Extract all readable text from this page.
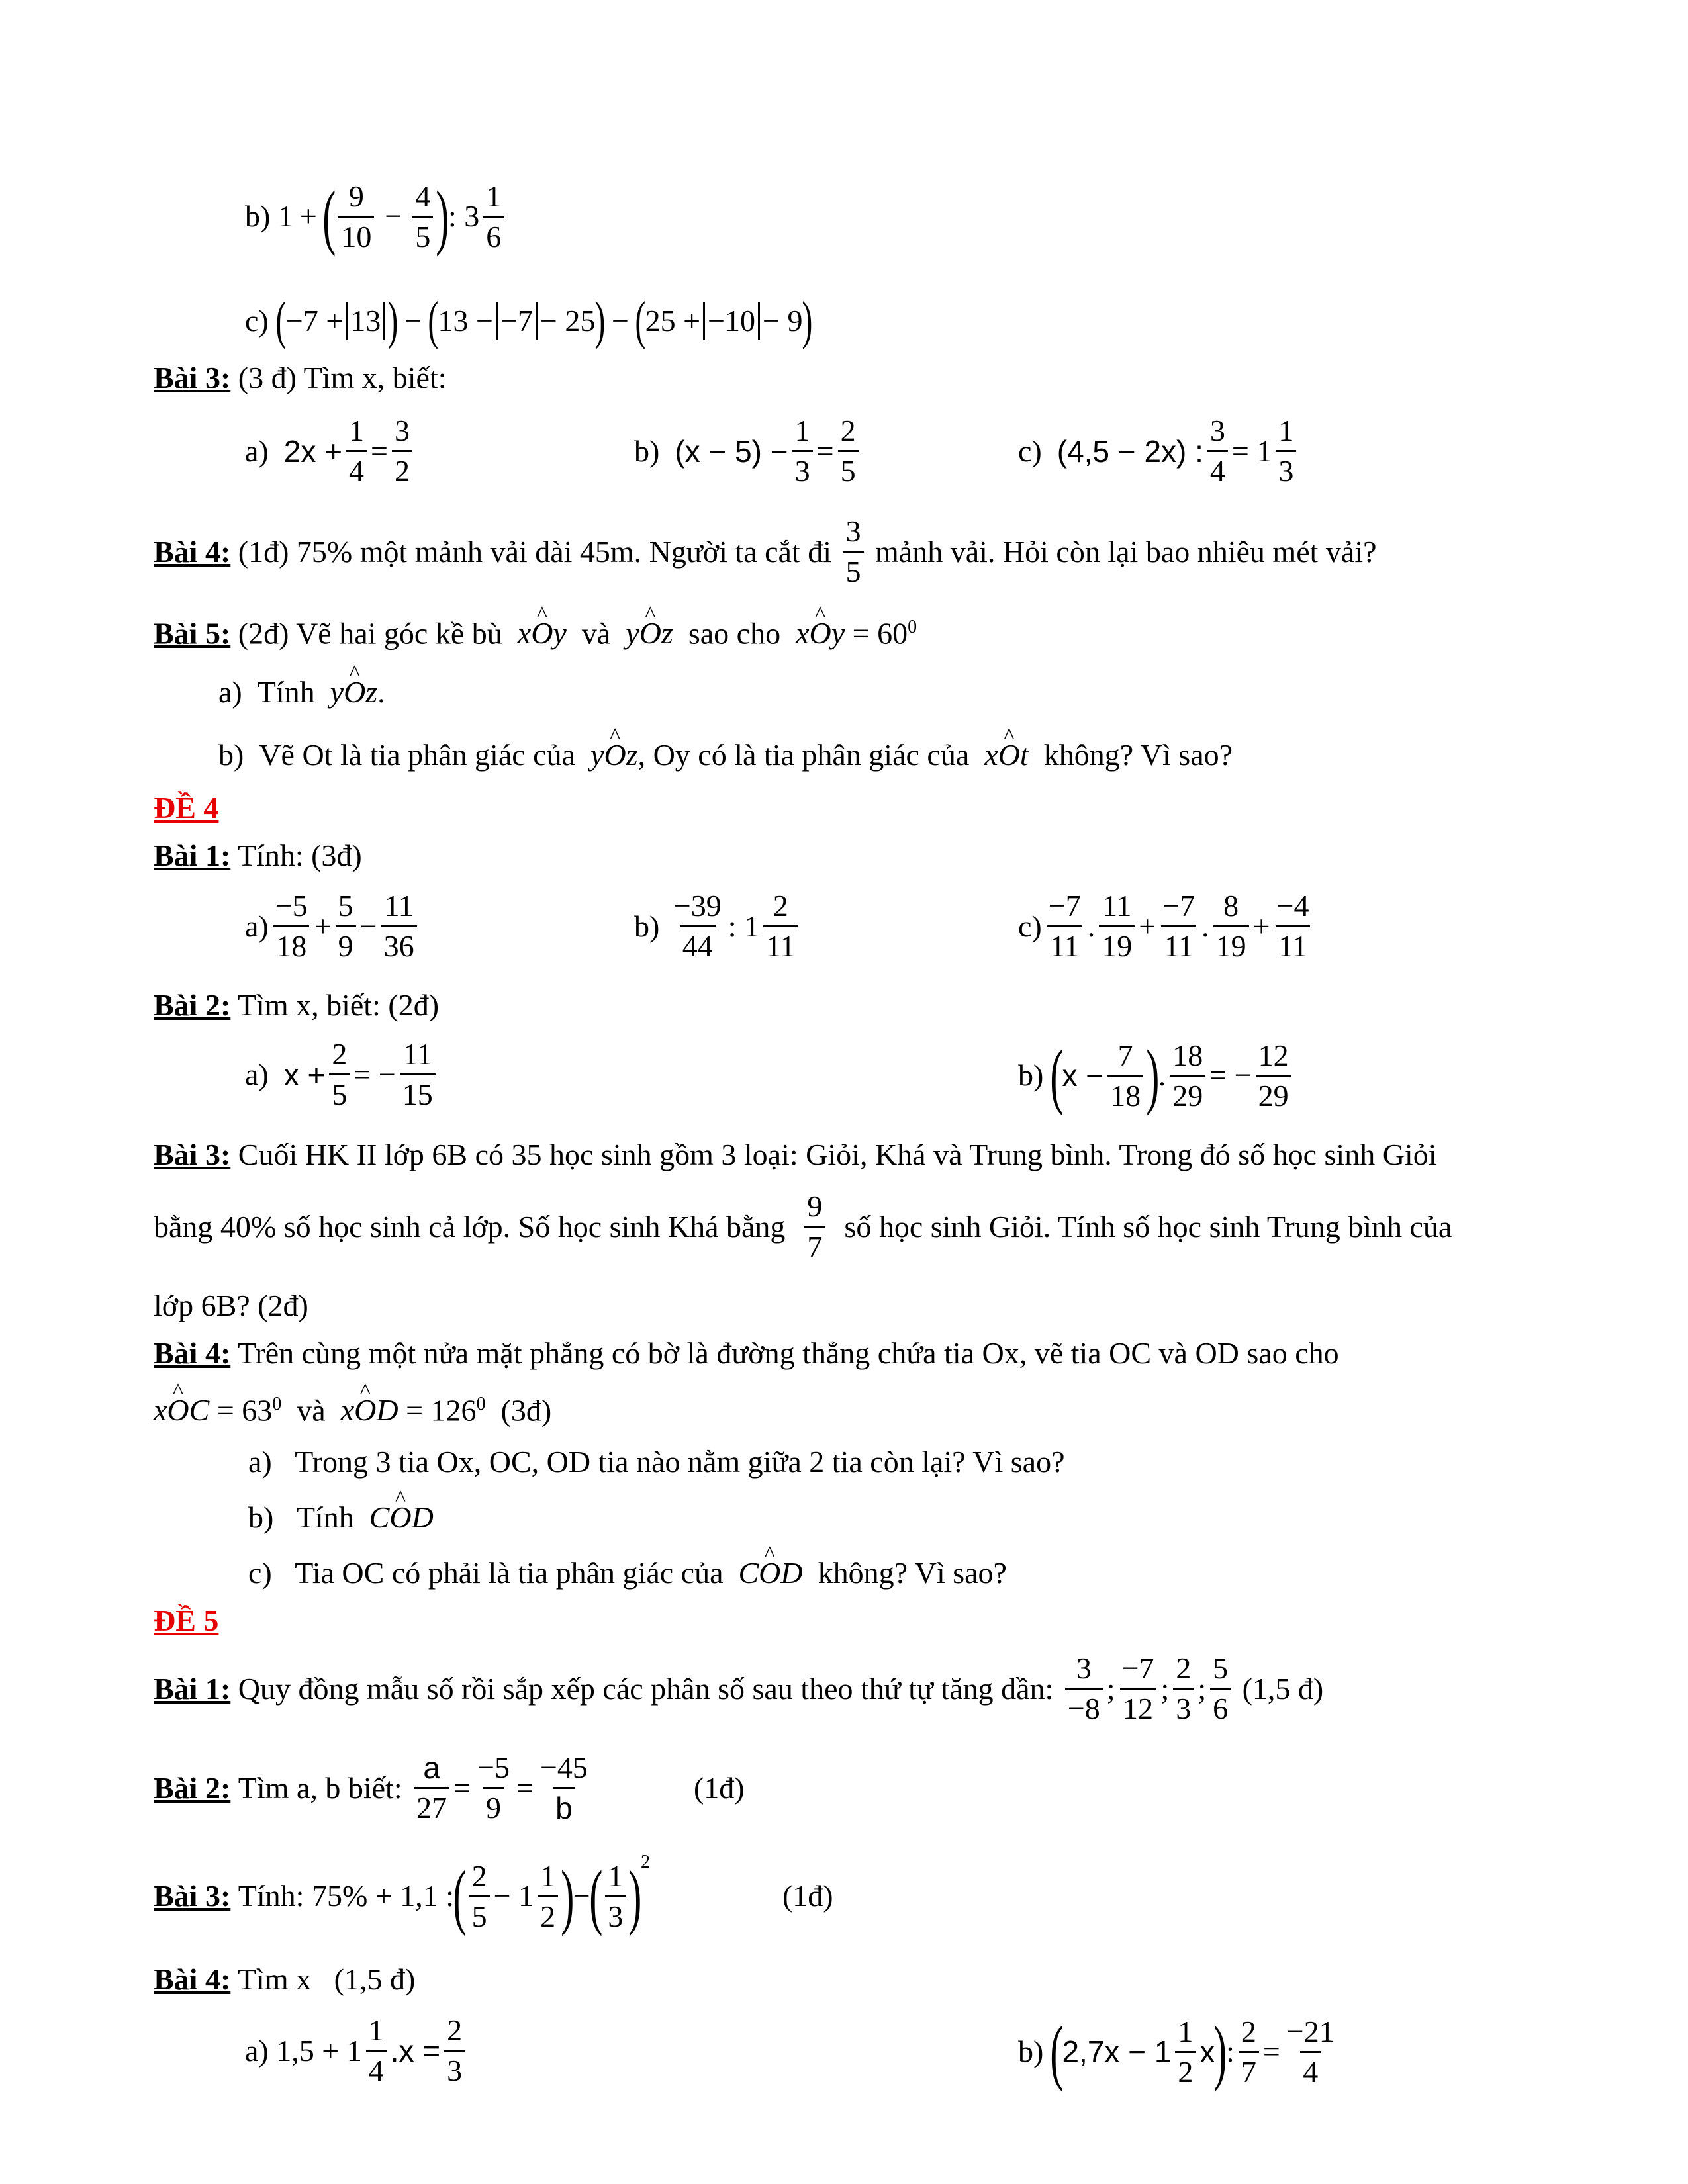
b)
1 + ( $\frac{9}{10} - \frac{4}{5}$ )
:
$3 \frac{1}{6}$
c)
( −7 + 13 ) − ( 13 − −7 − 25 ) − ( 25 + −10 − 9 )
Bài 3: (3 đ) Tìm x, biết:
a)
$2x + \frac{1}{4} = \frac{3}{2}$	b)
$(x - 5) - \frac{1}{3} = \frac{2}{5}$	c)
(4,5 − 2x) : $\frac{3}{4} = 1 \frac{1}{3}$
Bài 4:
(1đ) 75% một mảnh vải dài 45m. Người ta cắt đi
$\frac{3}{5}$
mảnh vải. Hỏi còn lại bao nhiêu mét vải?
Bài 5: (2đ) Vẽ hai góc kề bù xO ^y và yO ^z sao cho xO ^y = $60^0$
a) Tính yO ^z.
b) Vẽ Ot là tia phân giác của yO ^z, Oy có là tia phân giác của xO ^t không? Vì sao?
ĐỀ 4
Bài 1: Tính: (3đ)
$a) \frac{-5}{18} + \frac{5}{9} - \frac{11}{36}$	b)
$\frac{-39}{44}$ : $1 \frac{2}{11}$	$c) \frac{-7}{11}$ . $\frac{11}{19} + \frac{-7}{11}$ . $\frac{8}{19} + \frac{-4}{11}$
Bài 2: Tìm x, biết: (2đ)
a)
$x + \frac{2}{5}$ = − $\frac{11}{15}$	b)
(
$x - \frac{7}{18}$ )
. $\frac{18}{29}$ = − $\frac{12}{29}$
Bài 3: Cuối HK II lớp 6B có 35 học sinh gồm 3 loại: Giỏi, Khá và Trung bình. Trong đó số học sinh Giỏi
bằng 40% số học sinh cả lớp. Số học sinh Khá bằng
$\frac{9}{7}$
số học sinh Giỏi. Tính số học sinh Trung bình của
lớp 6B? (2đ)
Bài 4: Trên cùng một nửa mặt phẳng có bờ là đường thẳng chứa tia Ox, vẽ tia OC và OD sao cho
xO ^C = $63^0$ và xO ^D = $126^0$ (3đ)
a) Trong 3 tia Ox, OC, OD tia nào nằm giữa 2 tia còn lại? Vì sao?
b) Tính CO ^D
c) Tia OC có phải là tia phân giác của CO ^D không? Vì sao?
ĐỀ 5
Bài 1:
Quy đồng mẫu số rồi sắp xếp các phân số sau theo thứ tự tăng dần:
$\frac{3}{-8}$ ; $\frac{-7}{12}$ ; $\frac{2}{3}$ ; $\frac{5}{6}$
(1,5 đ)
Bài 2:
Tìm a, b biết:
$\frac{a}{27} = \frac{-5}{9} = \frac{-45}{b}$	(1đ)
Bài 3:
Tính:
75% + 1,1 :
( $\frac{2}{5} - 1 \frac{1}{2}$ )
−
( $\frac{1}{3}$ )
2
(1đ)
Bài 4: Tìm x (1,5 đ)
a)
$1,5 + 1 \frac{1}{4} .x = \frac{2}{3}$	b)
(
$2,7x - 1 \frac{1}{2}$ x
)
: $\frac{2}{7} = \frac{-21}{4}$
